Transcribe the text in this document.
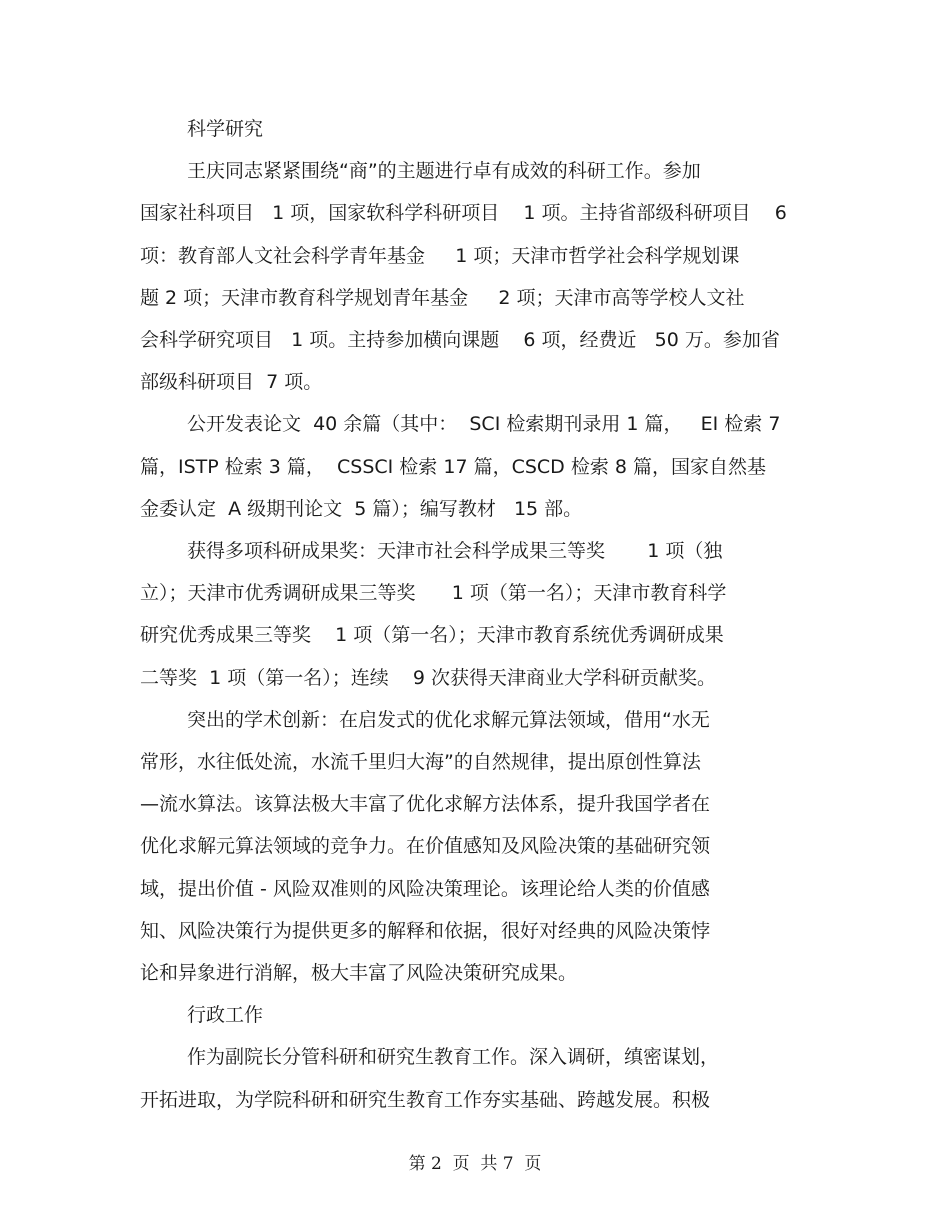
科学研究
王庆同志紧紧围绕“商”的主题进行卓有成效的科研工作。参加
国家社科项目   1 项，国家软科学科研项目    1 项。主持省部级科研项目    6
项：教育部人文社会科学青年基金     1 项；天津市哲学社会科学规划课
题 2 项；天津市教育科学规划青年基金     2 项；天津市高等学校人文社
会科学研究项目   1 项。主持参加横向课题    6 项，经费近   50 万。参加省
部级科研项目  7 项。
公开发表论文  40 余篇（其中：  SCI 检索期刊录用 1 篇，   EI 检索 7
篇，ISTP 检索 3 篇，  CSSCI 检索 17 篇，CSCD 检索 8 篇，国家自然基
金委认定  A 级期刊论文  5 篇）；编写教材   15 部。
获得多项科研成果奖：天津市社会科学成果三等奖       1 项（独
立）；天津市优秀调研成果三等奖      1 项（第一名）；天津市教育科学
研究优秀成果三等奖    1 项（第一名）；天津市教育系统优秀调研成果
二等奖  1 项（第一名）；连续    9 次获得天津商业大学科研贡献奖。
突出的学术创新：在启发式的优化求解元算法领域，借用“水无
常形，水往低处流，水流千里归大海”的自然规律，提出原创性算法
—流水算法。该算法极大丰富了优化求解方法体系，提升我国学者在
优化求解元算法领域的竞争力。在价值感知及风险决策的基础研究领
域，提出价值 - 风险双准则的风险决策理论。该理论给人类的价值感
知、风险决策行为提供更多的解释和依据，很好对经典的风险决策悖
论和异象进行消解，极大丰富了风险决策研究成果。
行政工作
作为副院长分管科研和研究生教育工作。深入调研，缜密谋划，
开拓进取，为学院科研和研究生教育工作夯实基础、跨越发展。积极
第 2  页  共 7  页
